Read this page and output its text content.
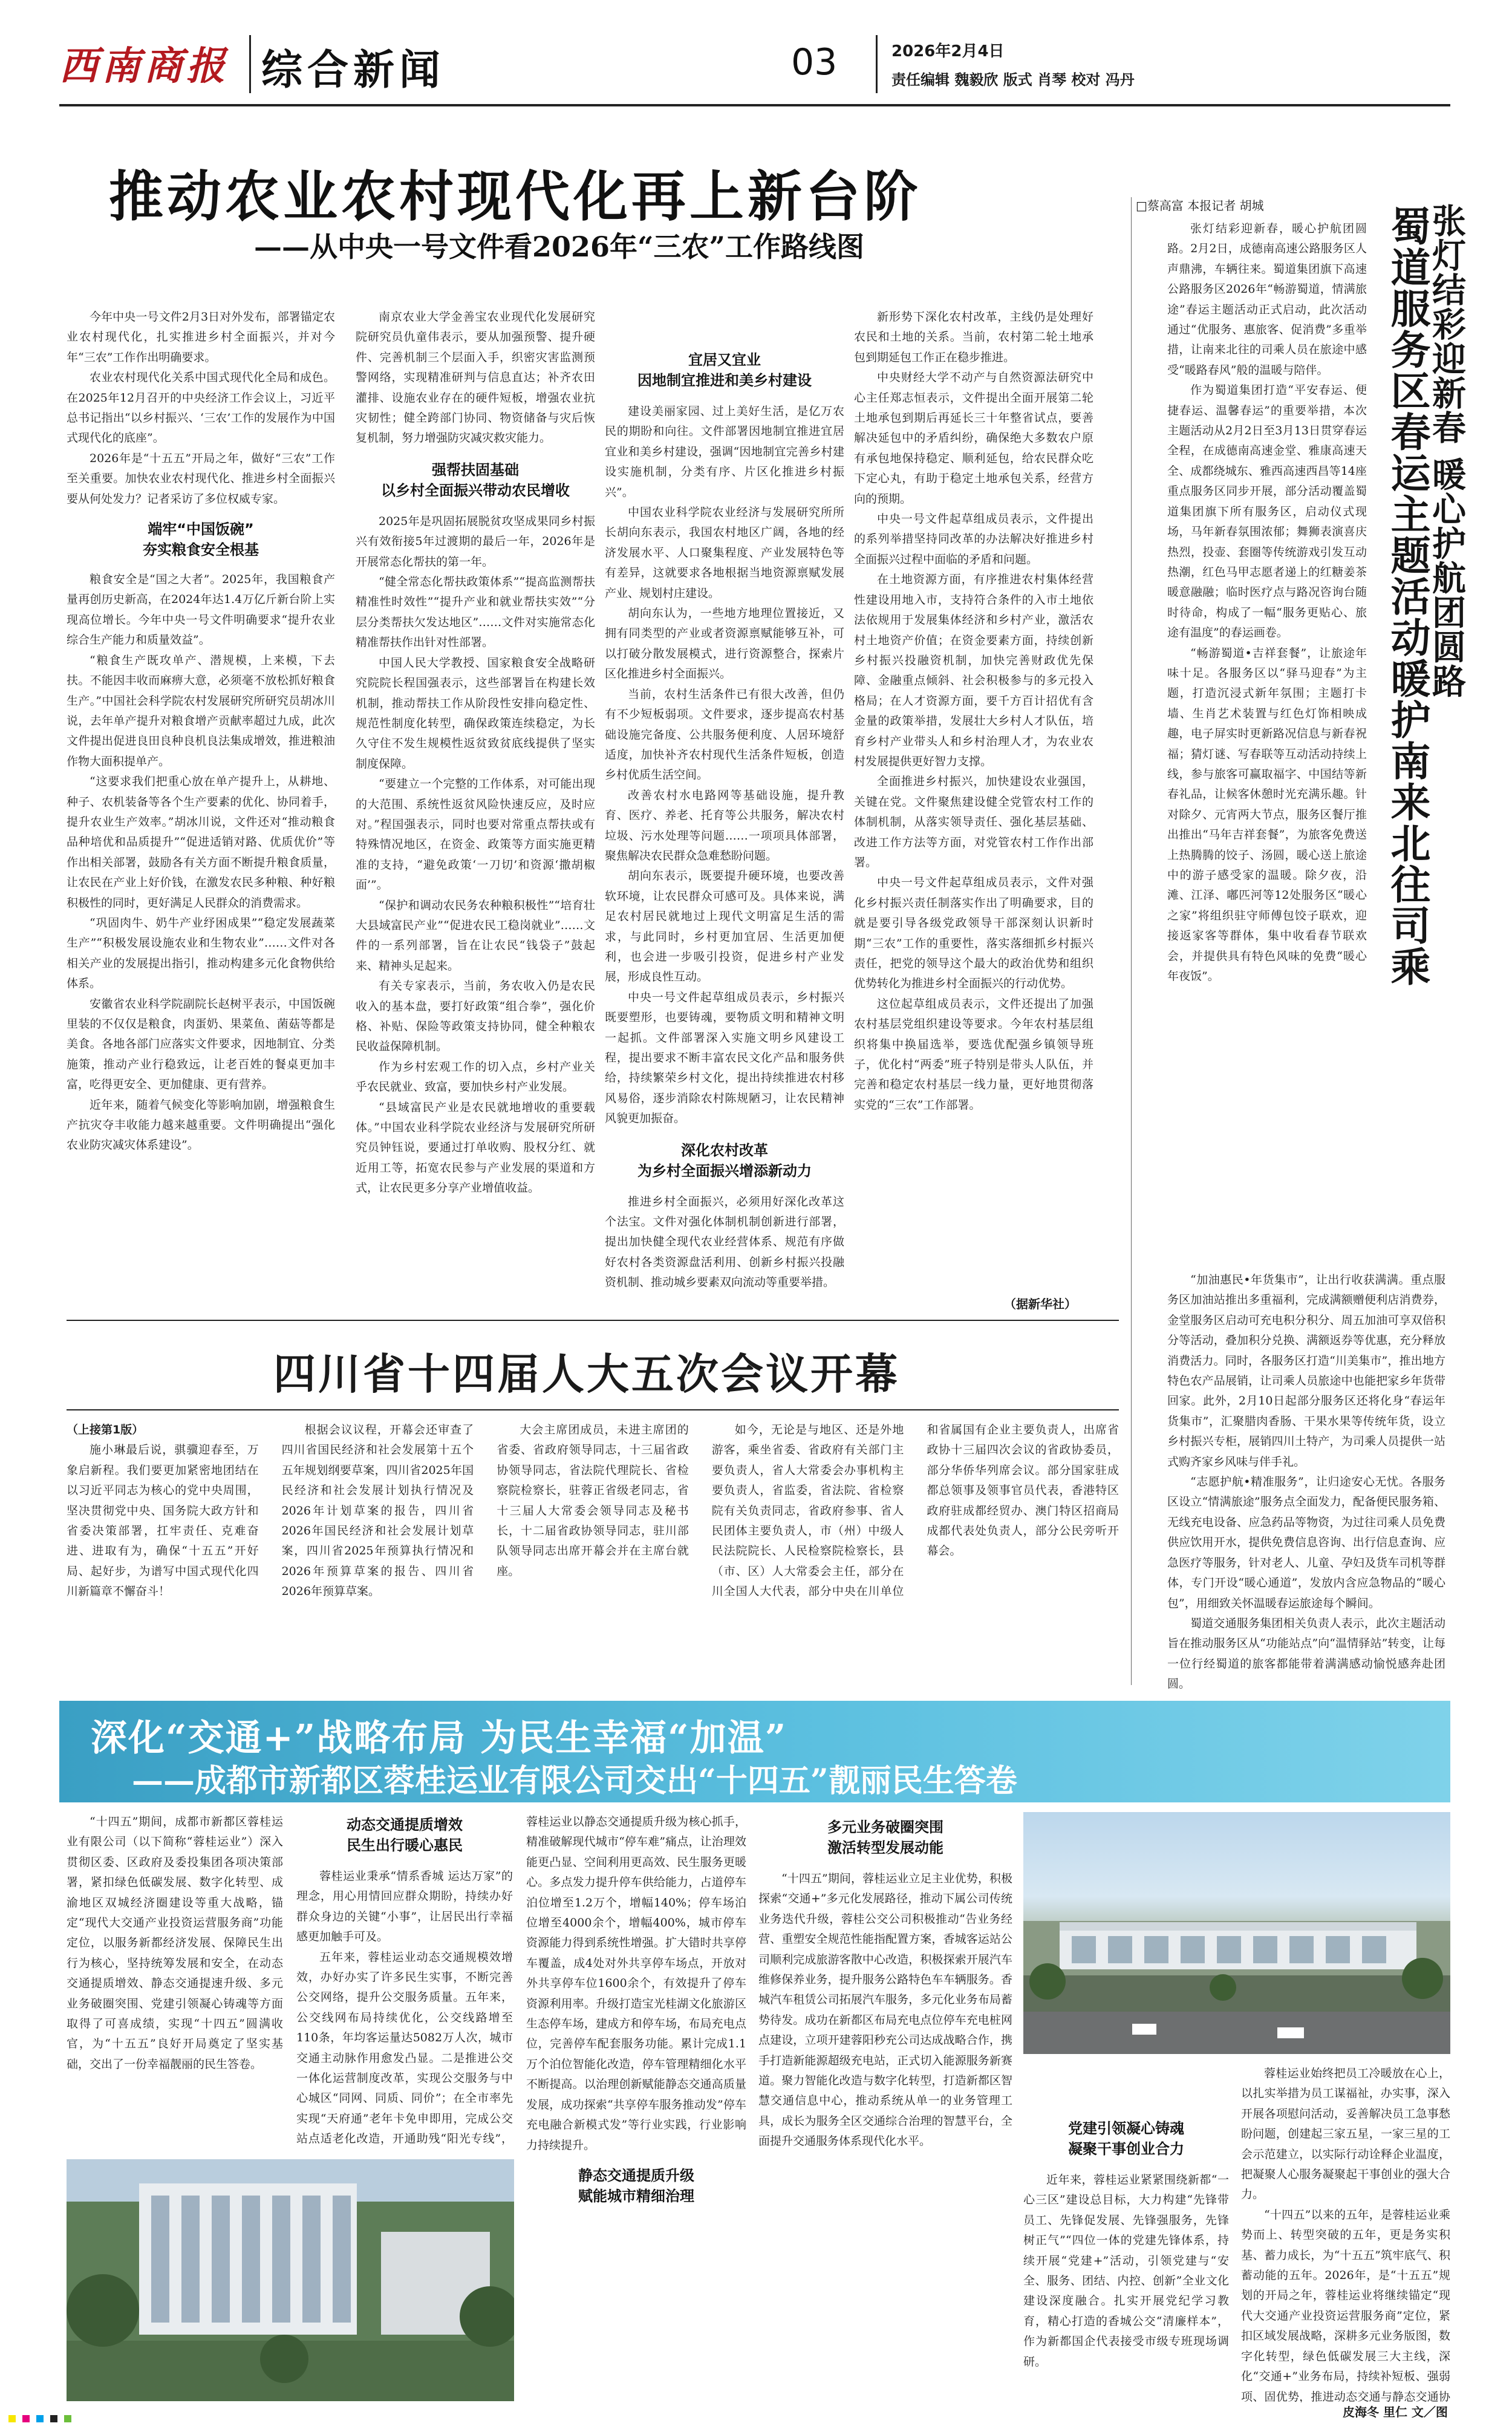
西南商报 综合新闻	03	2026年2月4日
责任编辑 魏毅欣 版式 肖琴 校对 冯丹
推动农业农村现代化再上新台阶
——从中央一号文件看2026年“三农”工作路线图

今年中央一号文件2月3日对外发布，部署锚定农业农村现代化，扎实推进乡村全面振兴，并对今年“三农”工作作出明确要求。

农业农村现代化关系中国式现代化全局和成色。在2025年12月召开的中央经济工作会议上，习近平总书记指出“以乡村振兴、‘三农’工作的发展作为中国式现代化的底座”。

2026年是“十五五”开局之年，做好“三农”工作至关重要。加快农业农村现代化、推进乡村全面振兴要从何处发力？记者采访了多位权威专家。

端牢“中国饭碗”
夯实粮食安全根基

粮食安全是“国之大者”。2025年，我国粮食产量再创历史新高，在2024年达1.4万亿斤新台阶上实现高位增长。今年中央一号文件明确要求“提升农业综合生产能力和质量效益”。

“粮食生产既攻单产、潜规模，上来模，下去扶。不能因丰收而麻痹大意，必须毫不放松抓好粮食生产。”中国社会科学院农村发展研究所研究员胡冰川说，去年单产提升对粮食增产贡献率超过九成，此次文件提出促进良田良种良机良法集成增效，推进粮油作物大面积提单产。

“这要求我们把重心放在单产提升上，从耕地、种子、农机装备等各个生产要素的优化、协同着手，提升农业生产效率。”胡冰川说，文件还对“推动粮食品种培优和品质提升”“促进适销对路、优质优价”等作出相关部署，鼓励各有关方面不断提升粮食质量，让农民在产业上好价钱，在激发农民多种粮、种好粮积极性的同时，更好满足人民群众的消费需求。

“巩固肉牛、奶牛产业纾困成果”“稳定发展蔬菜生产”“积极发展设施农业和生物农业”……文件对各相关产业的发展提出指引，推动构建多元化食物供给体系。

安徽省农业科学院副院长赵树平表示，中国饭碗里装的不仅仅是粮食，肉蛋奶、果菜鱼、菌菇等都是美食。各地各部门应落实文件要求，因地制宜、分类施策，推动产业行稳致远，让老百姓的餐桌更加丰富，吃得更安全、更加健康、更有营养。

近年来，随着气候变化等影响加剧，增强粮食生产抗灾夺丰收能力越来越重要。文件明确提出“强化农业防灾减灾体系建设”。

南京农业大学金善宝农业现代化发展研究院研究员仇童伟表示，要从加强预警、提升硬件、完善机制三个层面入手，织密灾害监测预警网络，实现精准研判与信息直达；补齐农田灌排、设施农业存在的硬件短板，增强农业抗灾韧性；健全跨部门协同、物资储备与灾后恢复机制，努力增强防灾减灾救灾能力。

强帮扶固基础
以乡村全面振兴带动农民增收

2025年是巩固拓展脱贫攻坚成果同乡村振兴有效衔接5年过渡期的最后一年，2026年是开展常态化帮扶的第一年。

“健全常态化帮扶政策体系”“提高监测帮扶精准性时效性”“提升产业和就业帮扶实效”“分层分类帮扶欠发达地区”……文件对实施常态化精准帮扶作出针对性部署。

中国人民大学教授、国家粮食安全战略研究院院长程国强表示，这些部署旨在构建长效机制，推动帮扶工作从阶段性安排向稳定性、规范性制度化转型，确保政策连续稳定，为长久守住不发生规模性返贫致贫底线提供了坚实制度保障。

“要建立一个完整的工作体系，对可能出现的大范围、系统性返贫风险快速反应，及时应对。”程国强表示，同时也要对常重点帮扶或有特殊情况地区，在资金、政策等方面实施更精准的支持，“避免政策‘一刀切’和资源‘撒胡椒面’”。

“保护和调动农民务农种粮积极性”“培育壮大县域富民产业”“促进农民工稳岗就业”……文件的一系列部署，旨在让农民“钱袋子”鼓起来、精神头足起来。

有关专家表示，当前，务农收入仍是农民收入的基本盘，要打好政策“组合拳”，强化价格、补贴、保险等政策支持协同，健全种粮农民收益保障机制。

作为乡村宏观工作的切入点，乡村产业关乎农民就业、致富，要加快乡村产业发展。

“县域富民产业是农民就地增收的重要载体。”中国农业科学院农业经济与发展研究所研究员钟钰说，要通过打单收购、股权分红、就近用工等，拓宽农民参与产业发展的渠道和方式，让农民更多分享产业增值收益。

宜居又宜业
因地制宜推进和美乡村建设

建设美丽家园、过上美好生活，是亿万农民的期盼和向往。文件部署因地制宜推进宜居宜业和美乡村建设，强调“因地制宜完善乡村建设实施机制，分类有序、片区化推进乡村振兴”。

中国农业科学院农业经济与发展研究所所长胡向东表示，我国农村地区广阔，各地的经济发展水平、人口聚集程度、产业发展特色等有差异，这就要求各地根据当地资源禀赋发展产业、规划村庄建设。

胡向东认为，一些地方地理位置接近，又拥有同类型的产业或者资源禀赋能够互补，可以打破分散发展模式，进行资源整合，探索片区化推进乡村全面振兴。

当前，农村生活条件已有很大改善，但仍有不少短板弱项。文件要求，逐步提高农村基础设施完备度、公共服务便利度、人居环境舒适度，加快补齐农村现代生活条件短板，创造乡村优质生活空间。

改善农村水电路网等基础设施，提升教育、医疗、养老、托育等公共服务，解决农村垃圾、污水处理等问题……一项项具体部署，聚焦解决农民群众急难愁盼问题。

胡向东表示，既要提升硬环境，也要改善软环境，让农民群众可感可及。具体来说，满足农村居民就地过上现代文明富足生活的需求，与此同时，乡村更加宜居、生活更加便利，也会进一步吸引投资，促进乡村产业发展，形成良性互动。

中央一号文件起草组成员表示，乡村振兴既要塑形，也要铸魂，要物质文明和精神文明一起抓。文件部署深入实施文明乡风建设工程，提出要求不断丰富农民文化产品和服务供给，持续繁荣乡村文化，提出持续推进农村移风易俗，逐步消除农村陈规陋习，让农民精神风貌更加振奋。

深化农村改革
为乡村全面振兴增添新动力

推进乡村全面振兴，必须用好深化改革这个法宝。文件对强化体制机制创新进行部署，提出加快健全现代农业经营体系、规范有序做好农村各类资源盘活利用、创新乡村振兴投融资机制、推动城乡要素双向流动等重要举措。

新形势下深化农村改革，主线仍是处理好农民和土地的关系。当前，农村第二轮土地承包到期延包工作正在稳步推进。

中央财经大学不动产与自然资源法研究中心主任郑志恒表示，文件提出全面开展第二轮土地承包到期后再延长三十年整省试点，要善解决延包中的矛盾纠纷，确保绝大多数农户原有承包地保持稳定、顺利延包，给农民群众吃下定心丸，有助于稳定土地承包关系，经营方向的预期。

中央一号文件起草组成员表示，文件提出的系列举措坚持同改革的办法解决好推进乡村全面振兴过程中面临的矛盾和问题。

在土地资源方面，有序推进农村集体经营性建设用地入市，支持符合条件的入市土地依法依规用于发展集体经济和乡村产业，激活农村土地资产价值；在资金要素方面，持续创新乡村振兴投融资机制，加快完善财政优先保障、金融重点倾斜、社会积极参与的多元投入格局；在人才资源方面，要千方百计招优有含金量的政策举措，发展壮大乡村人才队伍，培育乡村产业带头人和乡村治理人才，为农业农村发展提供更好智力支撑。

全面推进乡村振兴，加快建设农业强国，关键在党。文件聚焦建设健全党管农村工作的体制机制，从落实领导责任、强化基层基础、改进工作方法等方面，对党管农村工作作出部署。

中央一号文件起草组成员表示，文件对强化乡村振兴责任制落实作出了明确要求，目的就是要引导各级党政领导干部深刻认识新时期“三农”工作的重要性，落实落细抓乡村振兴责任，把党的领导这个最大的政治优势和组织优势转化为推进乡村全面振兴的行动优势。

这位起草组成员表示，文件还提出了加强农村基层党组织建设等要求。今年农村基层组织将集中换届选举，要选优配强乡镇领导班子，优化村“两委”班子特别是带头人队伍，并完善和稳定农村基层一线力量，更好地贯彻落实党的“三农”工作部署。

（据新华社）
□蔡高富 本报记者 胡城	蜀道服务区春运主题活动暖护南来北往司乘
张灯结彩迎新春 暖心护航团圆路

张灯结彩迎新春，暖心护航团圆路。2月2日，成德南高速公路服务区人声鼎沸，车辆往来。蜀道集团旗下高速公路服务区2026年“畅游蜀道，情满旅途”春运主题活动正式启动，此次活动通过“优服务、惠旅客、促消费”多重举措，让南来北往的司乘人员在旅途中感受“暖路春风”般的温暖与陪伴。

作为蜀道集团打造“平安春运、便捷春运、温馨春运”的重要举措，本次主题活动从2月2日至3月13日贯穿春运全程，在成德南高速金堂、雅康高速天全、成都绕城东、雅西高速西昌等14座重点服务区同步开展，部分活动覆盖蜀道集团旗下所有服务区，启动仪式现场，马年新春氛围浓郁；舞狮表演喜庆热烈，投壶、套圈等传统游戏引发互动热潮，红色马甲志愿者递上的红糖姜茶暖意融融；临时医疗点与路况咨询台随时待命，构成了一幅“服务更贴心、旅途有温度”的春运画卷。

“畅游蜀道•吉祥套餐”，让旅途年味十足。各服务区以“驿马迎春”为主题，打造沉浸式新年氛围；主题打卡墙、生肖艺术装置与红色灯饰相映成趣，电子屏实时更新路况信息与新春祝福；猜灯谜、写春联等互动活动持续上线，参与旅客可赢取福字、中国结等新春礼品，让候客休憩时光充满乐趣。针对除夕、元宵两大节点，服务区餐厅推出推出“马年吉祥套餐”，为旅客免费送上热腾腾的饺子、汤圆，暖心送上旅途中的游子感受家的温暖。除夕夜，沿滩、江泽、嘟匹河等12处服务区“暖心之家”将组织驻守师傅包饺子联欢，迎接返家客等群体，集中收看春节联欢会，并提供具有特色风味的免费“暖心年夜饭”。

“加油惠民•年货集市”，让出行收获满满。重点服务区加油站推出多重福利，完成满额赠便利店消费券，金堂服务区启动可充电积分积分、周五加油可享双倍积分等活动，叠加积分兑换、满额返券等优惠，充分释放消费活力。同时，各服务区打造“川美集市”，推出地方特色农产品展销，让司乘人员旅途中也能把家乡年货带回家。此外，2月10日起部分服务区还将化身“春运年货集市”，汇聚腊肉香肠、干果水果等传统年货，设立乡村振兴专柜，展销四川土特产，为司乘人员提供一站式购齐家乡风味与伴手礼。

“志愿护航•精准服务”，让归途安心无忧。各服务区设立“情满旅途”服务点全面发力，配备便民服务箱、无线充电设备、应急药品等物资，为过往司乘人员免费供应饮用开水，提供免费信息咨询、出行信息查询、应急医疗等服务，针对老人、儿童、孕妇及货车司机等群体，专门开设“暖心通道”，发放内含应急物品的“暖心包”，用细致关怀温暖春运旅途每个瞬间。

蜀道交通服务集团相关负责人表示，此次主题活动旨在推动服务区从“功能站点”向“温情驿站”转变，让每一位行经蜀道的旅客都能带着满满感动愉悦感奔赴团圆。

四川省十四届人大五次会议开幕

（上接第1版）

施小琳最后说，骐骥迎春至，万象启新程。我们要更加紧密地团结在以习近平同志为核心的党中央周围，坚决贯彻党中央、国务院大政方针和省委决策部署，扛牢责任、克难奋进、进取有为，确保“十五五”开好局、起好步，为谱写中国式现代化四川新篇章不懈奋斗！

根据会议议程，开幕会还审查了四川省国民经济和社会发展第十五个五年规划纲要草案，四川省2025年国民经济和社会发展计划执行情况及2026年计划草案的报告，四川省2026年国民经济和社会发展计划草案，四川省2025年预算执行情况和2026年预算草案的报告、四川省2026年预算草案。

大会主席团成员，未进主席团的省委、省政府领导同志，十三届省政协领导同志，省法院代理院长、省检察院检察长，驻蓉正省级老同志，省十三届人大常委会领导同志及秘书长，十二届省政协领导同志，驻川部队领导同志出席开幕会并在主席台就座。

如今，无论是与地区、还是外地游客，乘坐省委、省政府有关部门主要负责人，省人大常委会办事机构主要负责人，省监委，省法院、省检察院有关负责同志，省政府参事、省人民团体主要负责人，市（州）中级人民法院院长、人民检察院检察长，县（市、区）人大常委会主任，部分在川全国人大代表，部分中央在川单位和省属国有企业主要负责人，出席省政协十三届四次会议的省政协委员，部分华侨华列席会议。部分国家驻成都总领事及领事官员代表，香港特区政府驻成都经贸办、澳门特区招商局成都代表处负责人，部分公民旁听开幕会。

深化“交通+”战略布局 为民生幸福“加温”
——成都市新都区蓉桂运业有限公司交出“十四五”靓丽民生答卷

“十四五”期间，成都市新都区蓉桂运业有限公司（以下简称“蓉桂运业”）深入贯彻区委、区政府及委投集团各项决策部署，紧扣绿色低碳发展、数字化转型、成渝地区双城经济圈建设等重大战略，锚定“现代大交通产业投资运营服务商”功能定位，以服务新都经济发展、保障民生出行为核心，坚持统筹发展和安全，在动态交通提质增效、静态交通提速升级、多元业务破圈突围、党建引领凝心铸魂等方面取得了可喜成绩，实现“十四五”圆满收官，为“十五五”良好开局奠定了坚实基础，交出了一份幸福靓丽的民生答卷。

动态交通提质增效
民生出行暖心惠民

蓉桂运业秉承“情系香城 运达万家”的理念，用心用情回应群众期盼，持续办好群众身边的关键“小事”，让居民出行幸福感更加触手可及。

五年来，蓉桂运业动态交通规模效增效，办好办实了许多民生实事，不断完善公交网络，提升公交服务质量。五年来，公交线网布局持续优化，公交线路增至110条，年均客运量达5082万人次，城市交通主动脉作用愈发凸显。二是推进公交一体化运营制度改革，实现公交服务与中心城区“同网、同质、同价”；在全市率先实现“天府通”老年卡免申即用，完成公交站点适老化改造，开通助残“阳光专线”，

蓉桂运业以静态交通提质升级为核心抓手，精准破解现代城市“停车难”痛点，让治理效能更凸显、空间利用更高效、民生服务更暖心。多点发力提升停车供给能力，占道停车泊位增至1.2万个，增幅140%；停车场泊位增至4000余个，增幅400%，城市停车资源能力得到系统性增强。扩大错时共享停车覆盖，成4处对外共享停车场点，开放对外共享停车位1600余个，有效提升了停车资源利用率。升级打造宝光桂湖文化旅游区生态停车场，建成方和停车场，布局充电点位，完善停车配套服务功能。累计完成1.1万个泊位智能化改造，停车管理精细化水平不断提高。以治理创新赋能静态交通高质量发展，成功探索“共享停车服务推动发”停车充电融合新模式发”等行业实践，行业影响力持续提升。

多元业务破圈突围
激活转型发展动能

“十四五”期间，蓉桂运业立足主业优势，积极探索“交通+”多元化发展路径，推动下属公司传统业务迭代升级，蓉桂公交公司积极推动“告业务经营、重塑安全规范性能指配置方案，香城客运站公司顺利完成旅游客散中心改造，积极探索开展汽车维修保养业务，提升服务公路特色车车辆服务。香城汽车租赁公司拓展汽车服务，多元化业务布局蓄势待发。成功在新都区布局充电点位停车充电桩网点建设，立项开建蓉阳秒充公司达成战略合作，携手打造新能源超级充电站，正式切入能源服务新赛道。聚力智能化改造与数字化转型，打造新都区智慧交通信息中心，推动系统从单一的业务管理工具，成长为服务全区交通综合治理的智慧平台，全面提升交通服务体系现代化水平。

静态交通提质升级
赋能城市精细治理
党建引领凝心铸魂
凝聚干事创业合力

近年来，蓉桂运业紧紧围绕新都“一心三区”建设总目标，大力构建“先锋带员工、先锋促发展、先锋强服务，先锋树正气”“四位一体的党建先锋体系，持续开展“党建+”活动，引领党建与“安全、服务、团结、内控、创新”全业文化建设深度融合。扎实开展党纪学习教育，精心打造的香城公交“清廉样本”，作为新都国企代表接受市级专班现场调研。

蓉桂运业始终把员工冷暖放在心上，以扎实举措为员工谋福祉，办实事，深入开展各项慰问活动，妥善解决员工急事愁盼问题，创建起三家五星，一家三星的工会示范建立，以实际行动诠释企业温度，把凝聚人心服务凝聚起干事创业的强大合力。

“十四五”以来的五年，是蓉桂运业乘势而上、转型突破的五年，更是务实积基、蓄力成长，为“十五五”筑牢底气、积蓄动能的五年。2026年，是“十五五”规划的开局之年，蓉桂运业将继续锚定“现代大交通产业投资运营服务商”定位，紧扣区域发展战略，深耕多元业务版图，数字化转型，绿色低碳发展三大主线，深化“交通+”业务布局，持续补短板、强弱项、固优势，推进动态交通与静态交通协

皮海冬 里仁 文／图
